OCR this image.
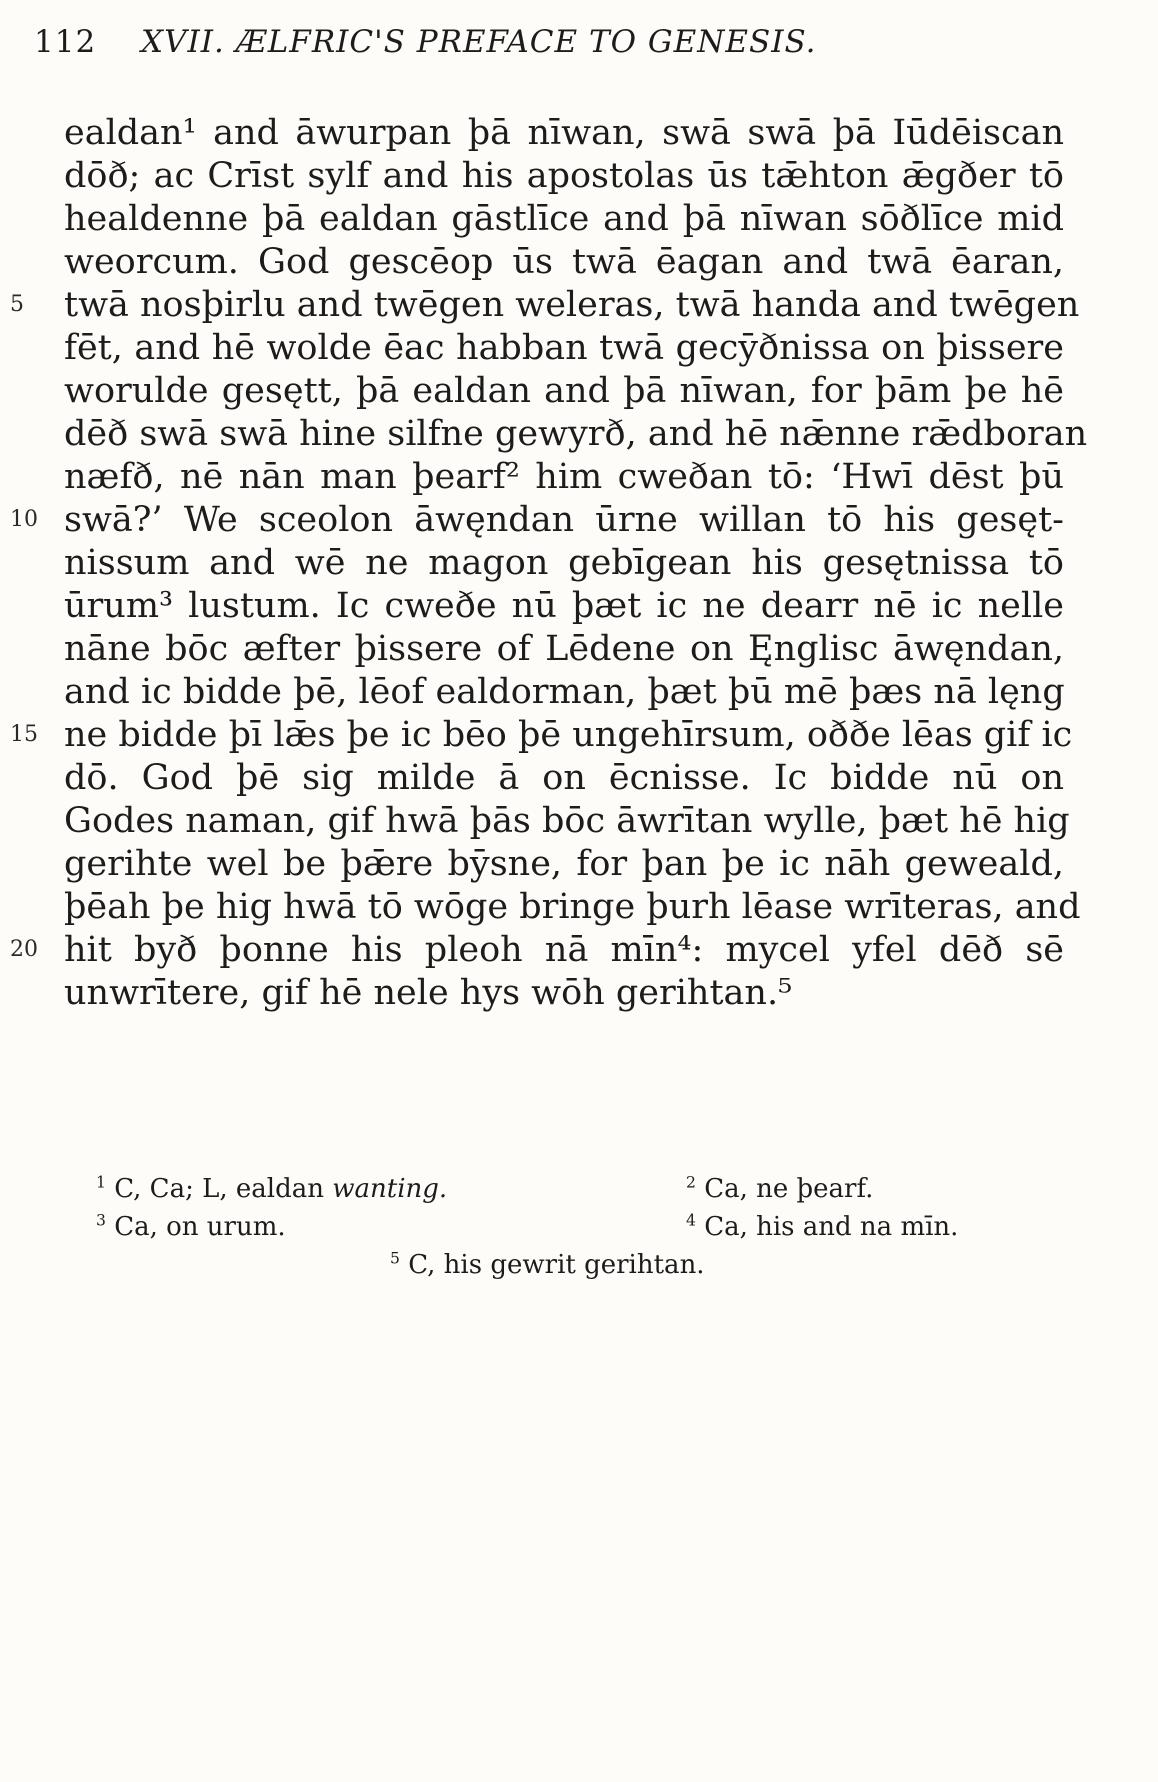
112 XVII. ÆLFRIC'S PREFACE TO GENESIS.
ealdan¹ and āwurpan þā nīwan, swā swā þā Iūdēiscan
dōð; ac Crīst sylf and his apostolas ūs tǣhton ǣgðer tō
healdenne þā ealdan gāstlīce and þā nīwan sōðlīce mid
weorcum. God gescēop ūs twā ēagan and twā ēaran,
5	twā nosþirlu and twēgen weleras, twā handa and twēgen
fēt, and hē wolde ēac habban twā gecȳðnissa on þissere
worulde gesętt, þā ealdan and þā nīwan, for þām þe hē
dēð swā swā hine silfne gewyrð, and hē nǣnne rǣdboran
næfð, nē nān man þearf² him cweðan tō: ‘Hwī dēst þū
10 swā?’ We sceolon āwęndan ūrne willan tō his gesęt-
nissum and wē ne magon gebīgean his gesętnissa tō
ūrum³ lustum. Ic cweðe nū þæt ic ne dearr nē ic nelle
nāne bōc æfter þissere of Lēdene on Ęnglisc āwęndan,
and ic bidde þē, lēof ealdorman, þæt þū mē þæs nā lęng
15 ne bidde þī lǣs þe ic bēo þē ungehīrsum, oððe lēas gif ic
dō. God þē sig milde ā on ēcnisse. Ic bidde nū on
Godes naman, gif hwā þās bōc āwrītan wylle, þæt hē hig
gerihte wel be þǣre bȳsne, for þan þe ic nāh geweald,
þēah þe hig hwā tō wōge bringe þurh lēase wrīteras, and
20 hit byð þonne his pleoh nā mīn⁴: mycel yfel dēð sē
unwrītere, gif hē nele hys wōh gerihtan.⁵
$^1$ C, Ca; L, ealdan wanting.	$^2$ Ca, ne þearf.
$^3$ Ca, on urum.	$^4$ Ca, his and na mīn.
$^5$ C, his gewrit gerihtan.
